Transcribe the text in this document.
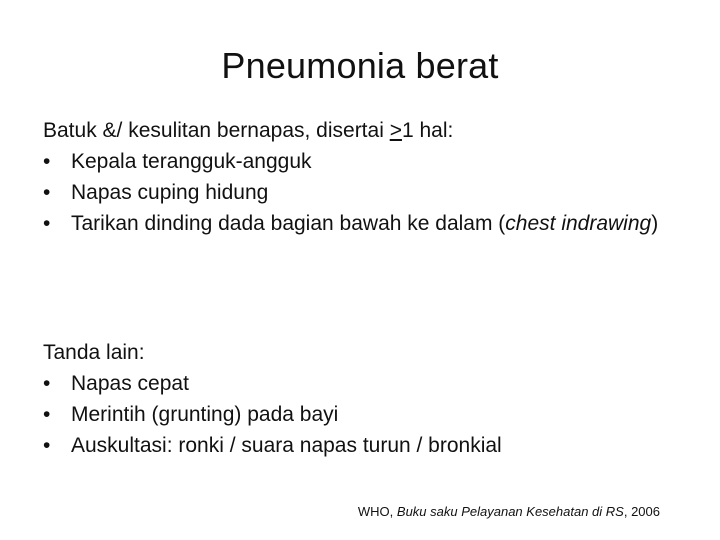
Pneumonia berat
Batuk &/ kesulitan bernapas, disertai ≥1 hal:
• Kepala terangguk-angguk
• Napas cuping hidung
• Tarikan dinding dada bagian bawah ke dalam (chest indrawing)
Tanda lain:
• Napas cepat
• Merintih (grunting) pada bayi
• Auskultasi: ronki / suara napas turun / bronkial
WHO, Buku saku Pelayanan Kesehatan di RS, 2006
